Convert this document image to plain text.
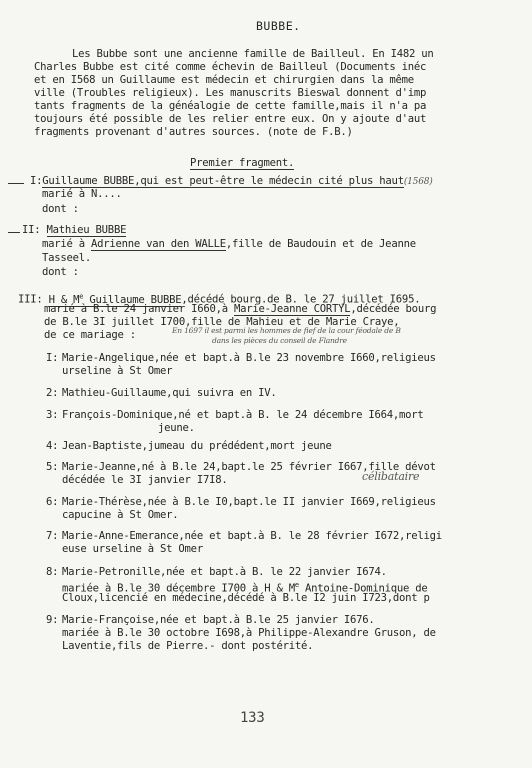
BUBBE.
Les Bubbe sont une ancienne famille de Bailleul. En I482 un
Charles Bubbe est cité comme échevin de Bailleul (Documents inéc
et en I568 un Guillaume est médecin et chirurgien dans la même
ville (Troubles religieux). Les manuscrits Bieswal donnent d'imp
tants fragments de la généalogie de cette famille,mais il n'a pa
toujours été possible de les relier entre eux. On y ajoute d'aut
fragments provenant d'autres sources. (note de F.B.)
Premier fragment.
I:Guillaume BUBBE,qui est peut-être le médecin cité plus haut(1568)
marié à N....
dont :
II: Mathieu BUBBE
marié à Adrienne van den WALLE,fille de Baudouin et de Jeanne
Tasseel.
dont :
III: H & Me Guillaume BUBBE,décédé bourg.de B. le 27 juillet I695.
marié à B.le 24 janvier I660,à Marie-Jeanne CORTYL,décédée bourg
de B.le 3I juillet I700,fille de Mahieu et de Marie Craye,
de ce mariage :	En 1697 il est parmi les hommes de fief de la cour féodale de B
dans les pièces du conseil de Flandre
I: Marie-Angelique,née et bapt.à B.le 23 novembre I660,religieus
urseline à St Omer
2: Mathieu-Guillaume,qui suivra en IV.
3: François-Dominique,né et bapt.à B. le 24 décembre I664,mort
jeune.
4: Jean-Baptiste,jumeau du prédédent,mort jeune
5: Marie-Jeanne,né à B.le 24,bapt.le 25 février I667,fille dévot
décédée le 3I janvier I7I8.	célibataire
6: Marie-Thérèse,née à B.le I0,bapt.le II janvier I669,religieus
capucine à St Omer.
7: Marie-Anne-Emerance,née et bapt.à B. le 28 février I672,religi
euse urseline à St Omer
8: Marie-Petronille,née et bapt.à B. le 22 janvier I674.
mariée à B.le 30 décembre I700 à H & Me Antoine-Dominique de
Cloux,licencié en médecine,décédé à B.le I2 juin I723,dont p
9: Marie-Françoise,née et bapt.à B.le 25 janvier I676.
mariée à B.le 30 octobre I698,à Philippe-Alexandre Gruson, de
Laventie,fils de Pierre.- dont postérité.
133
